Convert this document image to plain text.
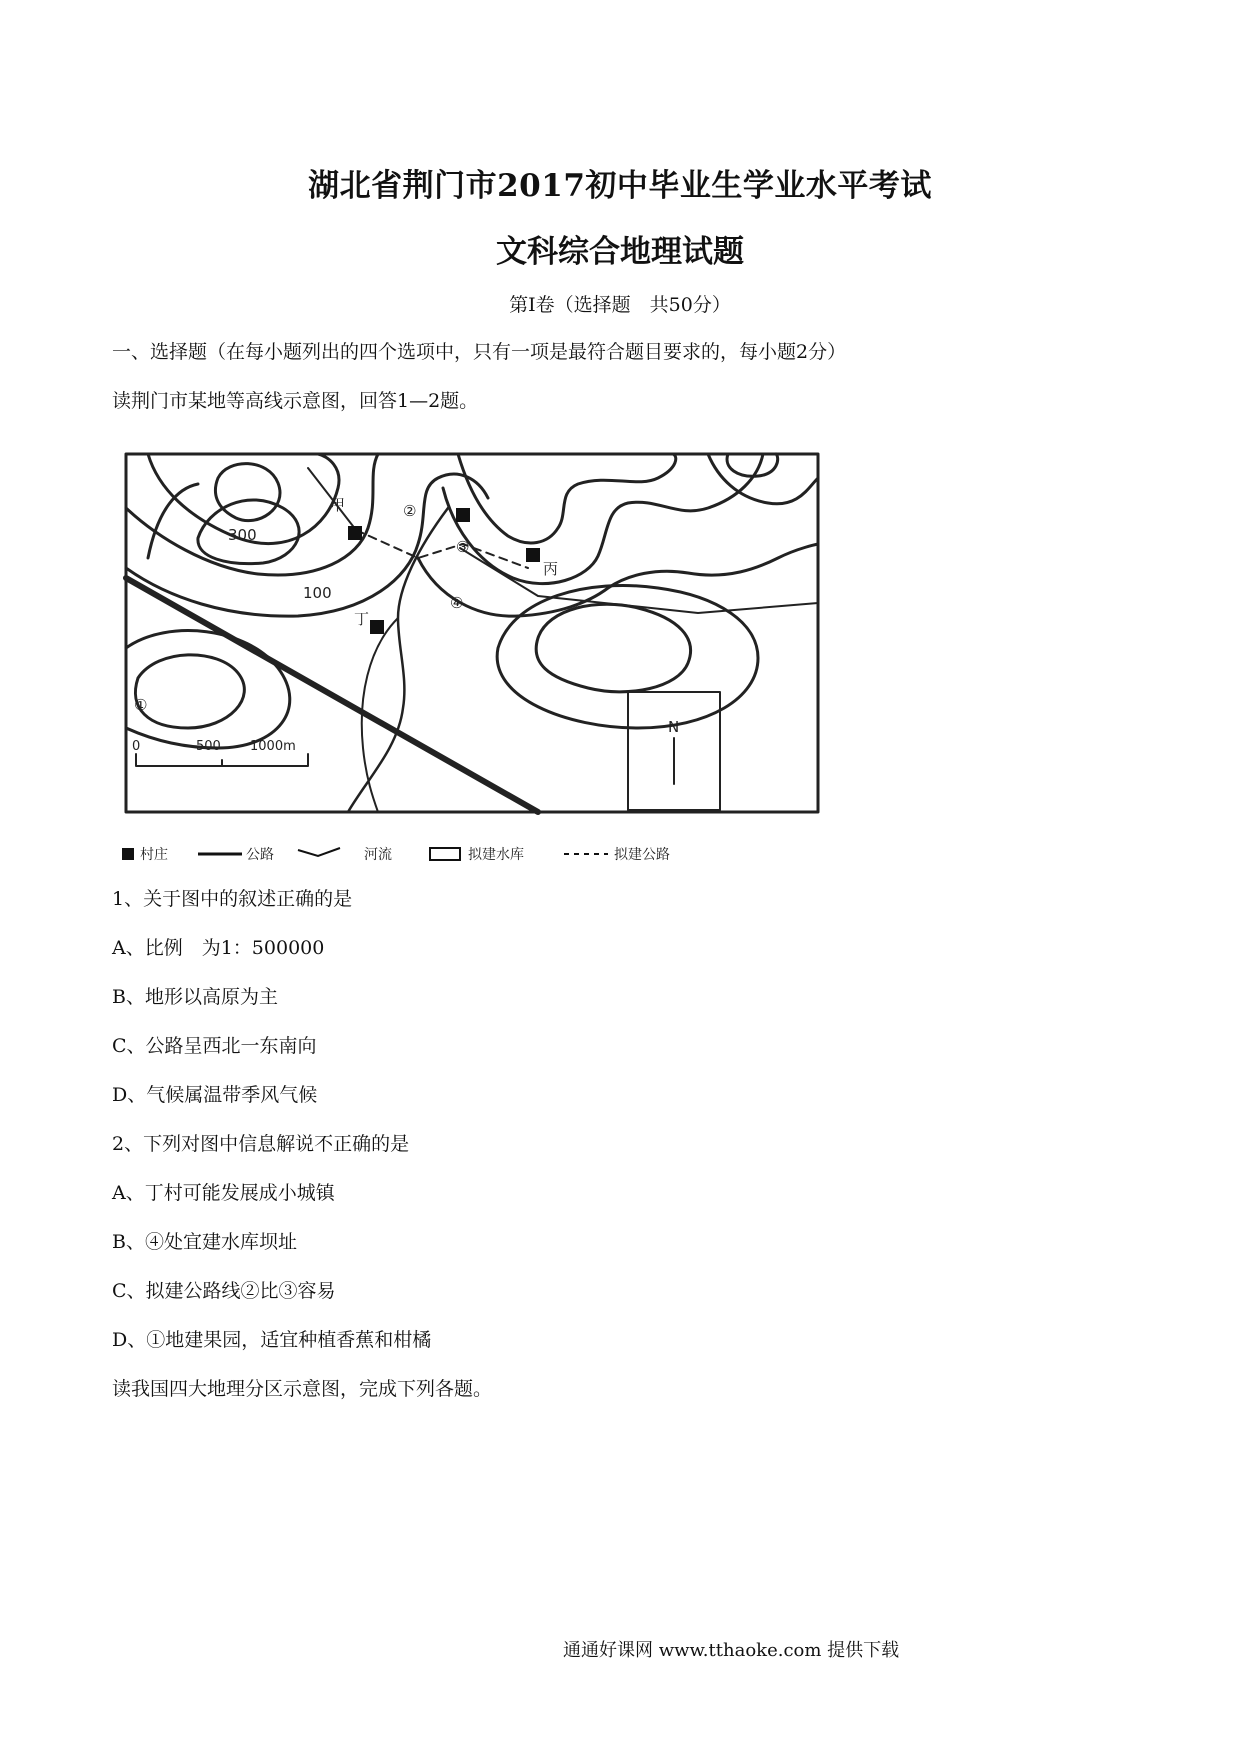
湖北省荆门市2017初中毕业生学业水平考试
文科综合地理试题
第Ⅰ卷（选择题　共50分）
一、选择题（在每小题列出的四个选项中，只有一项是最符合题目要求的，每小题2分）
读荆门市某地等高线示意图，回答1—2题。
300
100
甲
丙
丁
②
③
④
①
N
0	500 1000m
村庄	公路	河流	拟建水库	拟建公路
1、关于图中的叙述正确的是
A、比例　为1：500000
B、地形以高原为主
C、公路呈西北一东南向
D、气候属温带季风气候
2、下列对图中信息解说不正确的是
A、丁村可能发展成小城镇
B、④处宜建水库坝址
C、拟建公路线②比③容易
D、①地建果园，适宜种植香蕉和柑橘
读我国四大地理分区示意图，完成下列各题。
通通好课网 www.tthaoke.com 提供下载
